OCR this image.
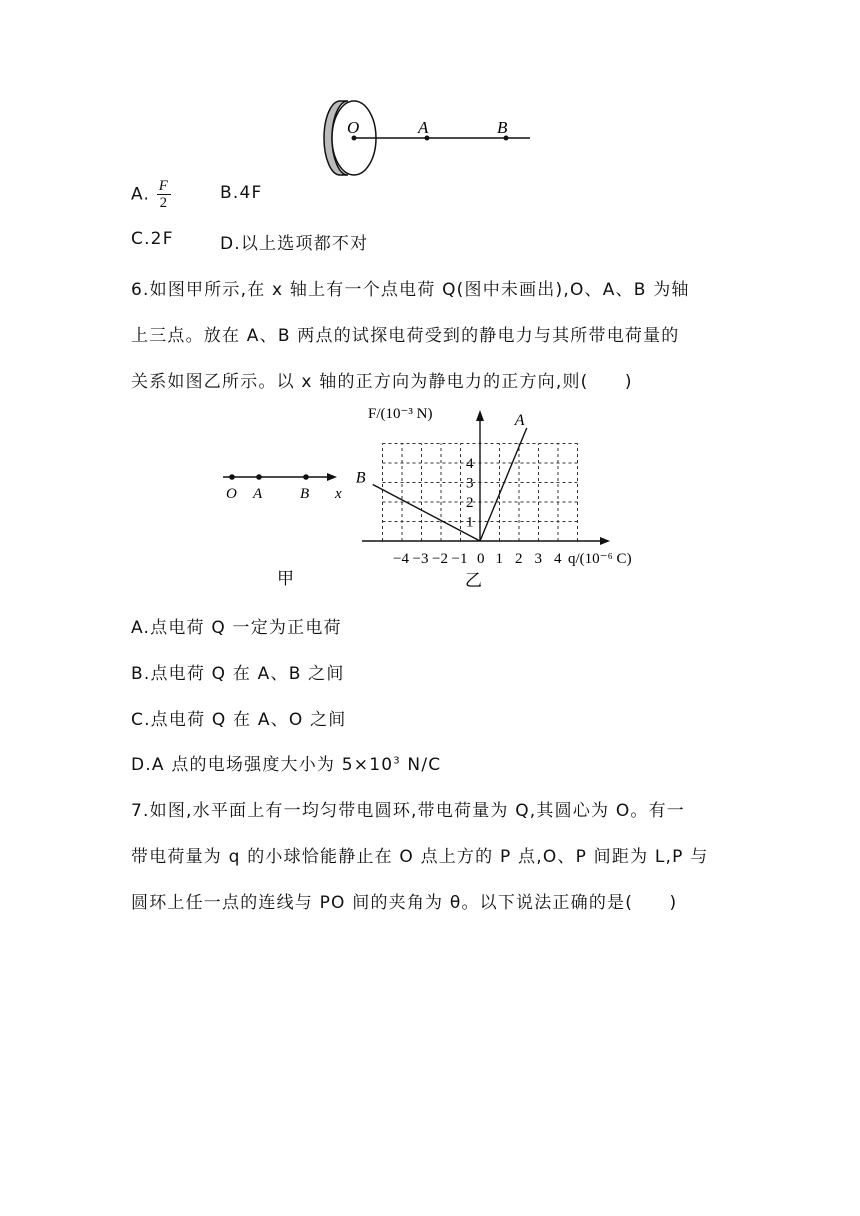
O	A	B
A. $\frac{F}{2}$	B.4F
C.2F	D.以上选项都不对
6.如图甲所示,在 x 轴上有一个点电荷 Q(图中未画出),O、A、B 为轴
上三点。放在 A、B 两点的试探电荷受到的静电力与其所带电荷量的
关系如图乙所示。以 x 轴的正方向为静电力的正方向,则(　　)
O A	B x
甲
−4 −3 −2 −1 1 2 3 4
1
2
3
4
A
B
F/(10⁻³ N)
q/(10⁻⁶ C)
0
乙
A.点电荷 Q 一定为正电荷
B.点电荷 Q 在 A、B 之间
C.点电荷 Q 在 A、O 之间
D.A 点的电场强度大小为 $5\times 10^3$ N/C
7.如图,水平面上有一均匀带电圆环,带电荷量为 Q,其圆心为 O。有一
带电荷量为 q 的小球恰能静止在 O 点上方的 P 点,O、P 间距为 L,P 与
圆环上任一点的连线与 PO 间的夹角为 θ。以下说法正确的是(　　)
